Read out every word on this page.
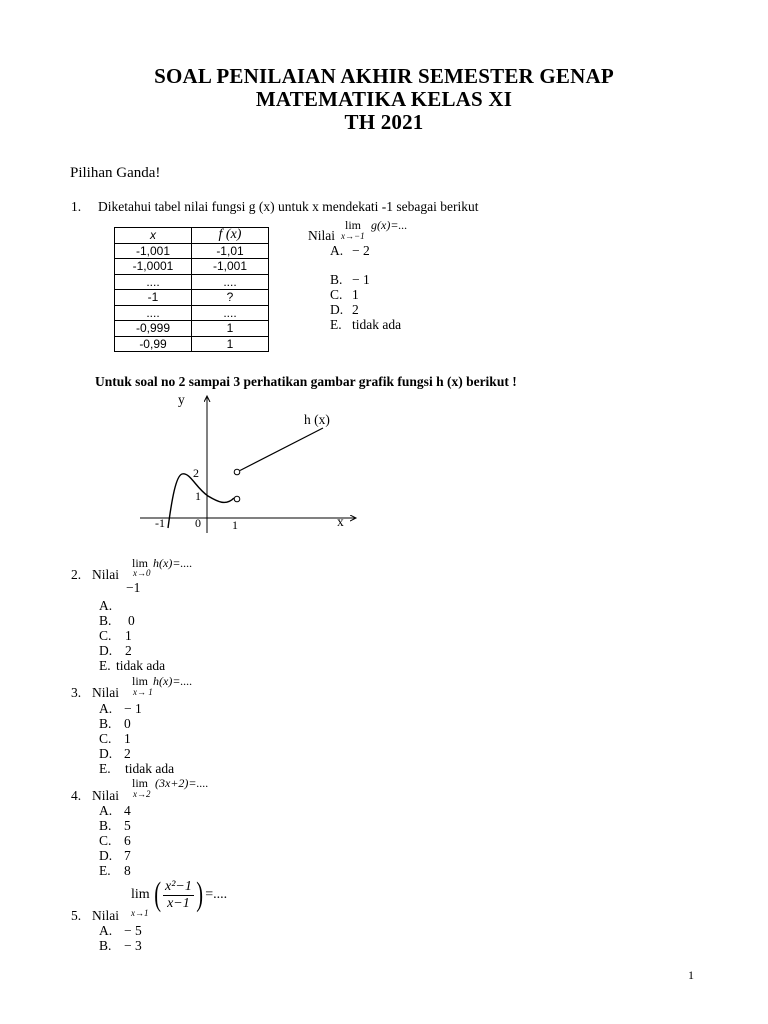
SOAL PENILAIAN AKHIR SEMESTER GENAP
MATEMATIKA KELAS XI
TH 2021
Pilihan Ganda!
1. Diketahui tabel nilai fungsi g (x) untuk x mendekati -1 sebagai berikut
x	f (x)
-1,001	-1,01
-1,0001	-1,001
....	....
-1	?
....	....
-0,999	1
-0,99	1
lim g(x)=...
Nilai x→−1
A. − 2
B. − 1
C. 1
D. 2
E. tidak ada
Untuk soal no 2 sampai 3 perhatikan gambar grafik fungsi h (x) berikut !
y
h (x)
2
1
-1	0	1	x
lim h(x)=....
2. Nilai x→0
−1
A.
B. 0
C. 1
D. 2
E. tidak ada
lim h(x)=....
3. Nilai x→ 1
A. − 1
B. 0
C. 1
D. 2
E. tidak ada
lim (3x+2)=....
4. Nilai x→2
A. 4
B. 5
C. 6
D. 7
E. 8
lim ( $\frac{\text{x²−1}}{x-1}$ ) =....
5. Nilai x→1
A. − 5
B. − 3
1
